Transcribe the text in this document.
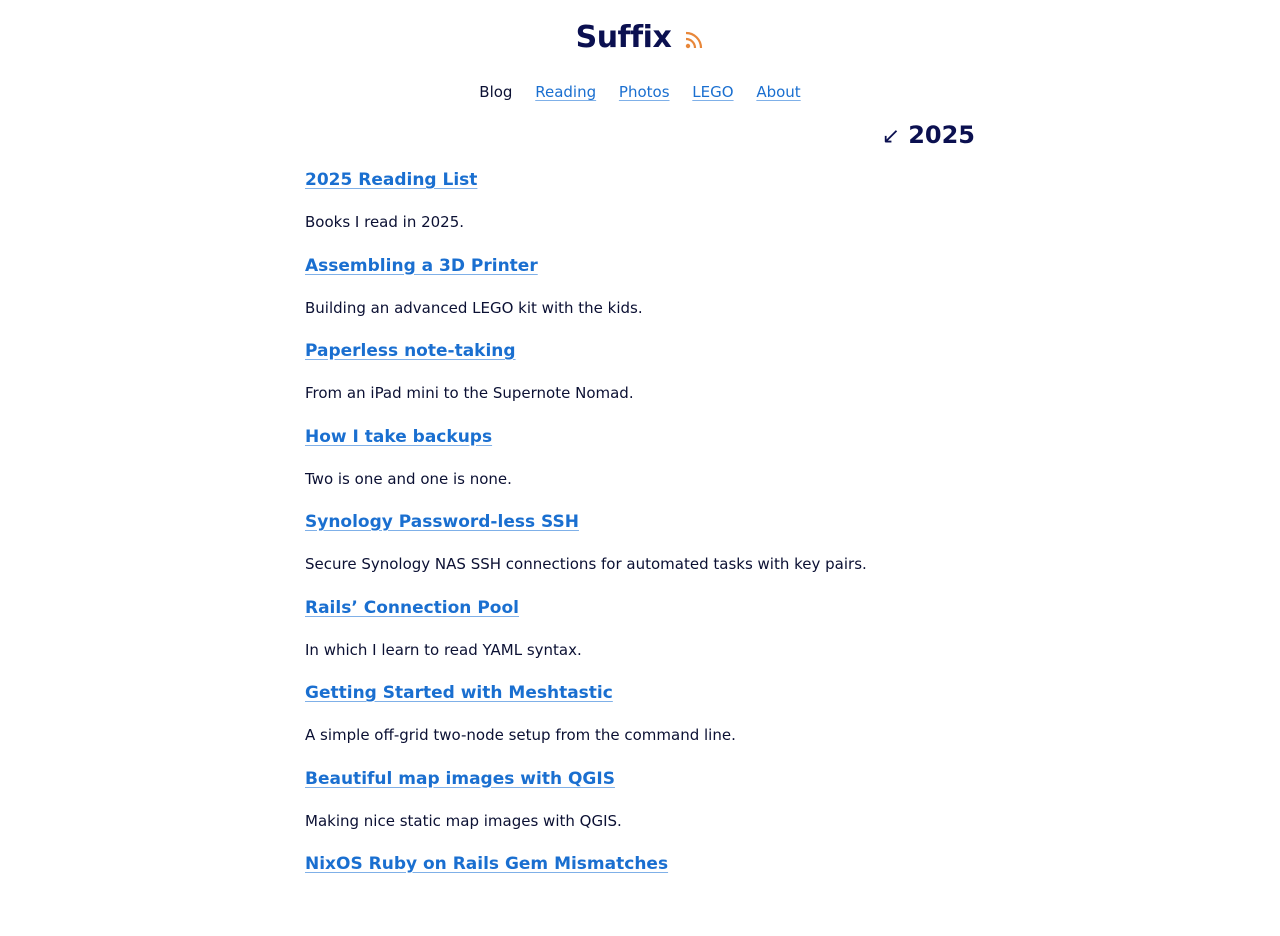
Suffix
Blog Reading Photos LEGO About
↙ 2025
2025 Reading List

Books I read in 2025.

Assembling a 3D Printer

Building an advanced LEGO kit with the kids.

Paperless note-taking

From an iPad mini to the Supernote Nomad.

How I take backups

Two is one and one is none.

Synology Password-less SSH

Secure Synology NAS SSH connections for automated tasks with key pairs.

Rails’ Connection Pool

In which I learn to read YAML syntax.

Getting Started with Meshtastic

A simple off-grid two-node setup from the command line.

Beautiful map images with QGIS

Making nice static map images with QGIS.

NixOS Ruby on Rails Gem Mismatches
